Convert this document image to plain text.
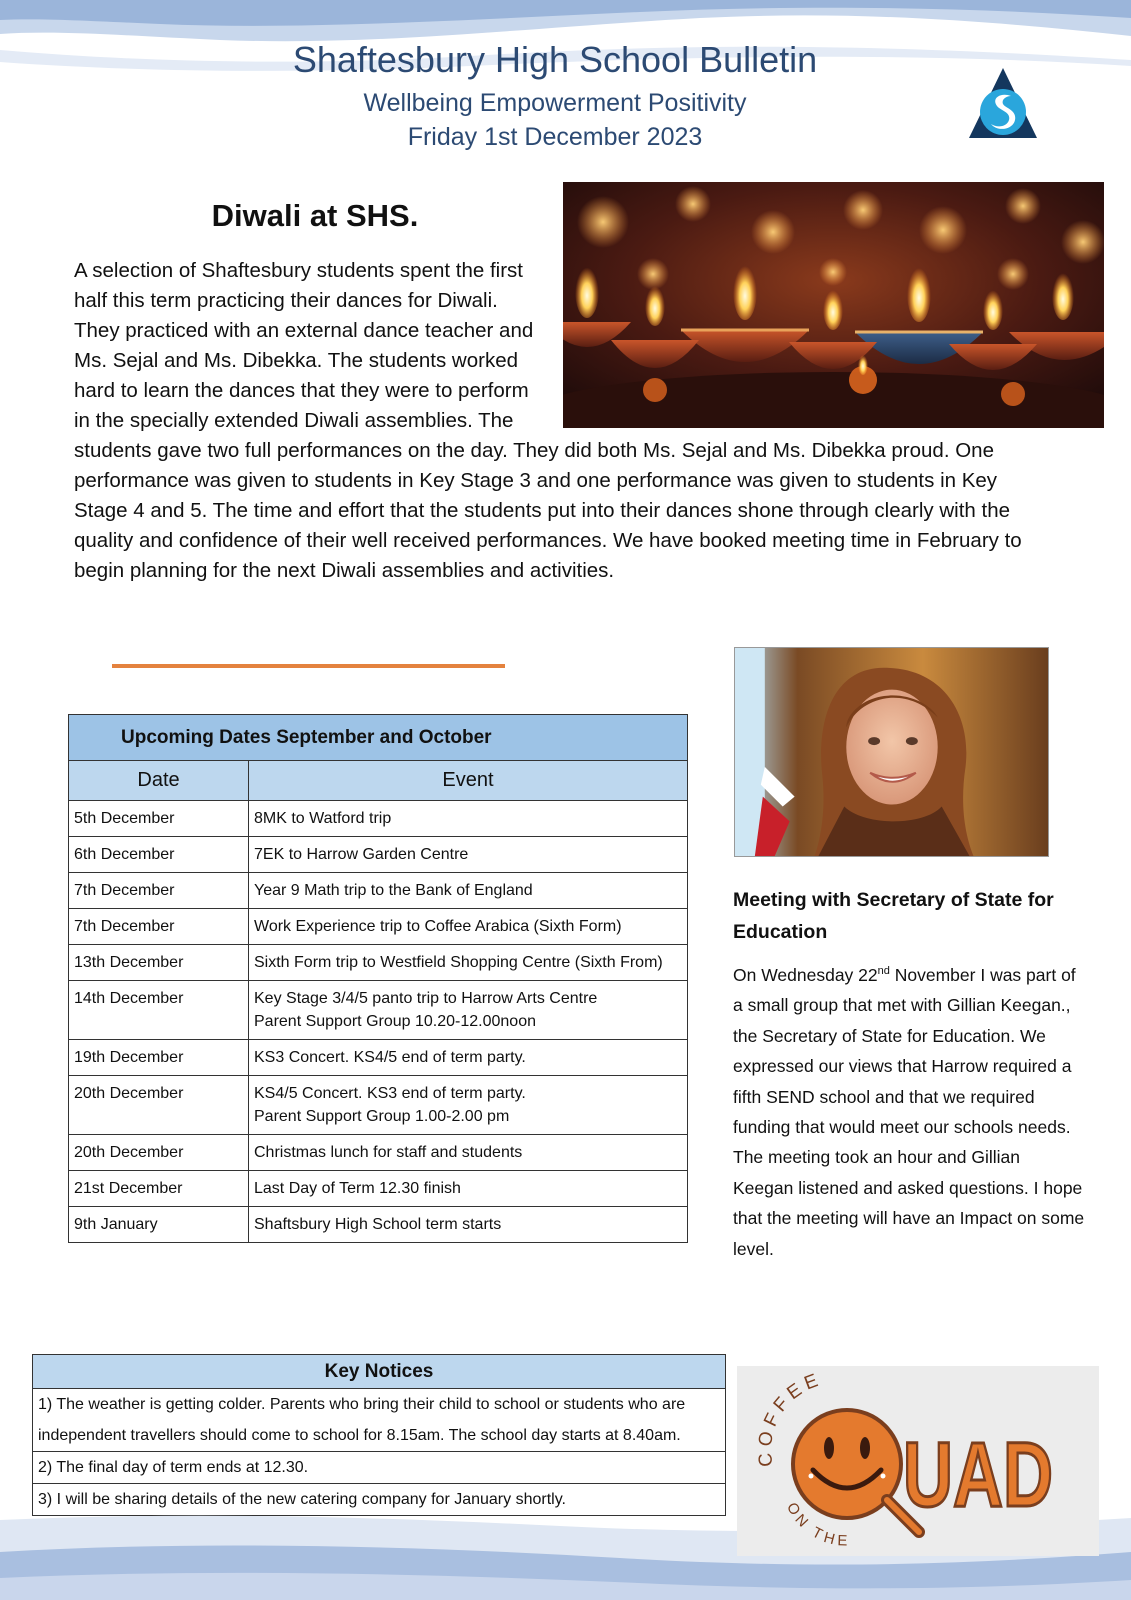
Shaftesbury High School Bulletin
Wellbeing Empowerment Positivity
Friday 1st December 2023
Diwali at SHS.
A selection of Shaftesbury students spent the first half this term practicing their dances for Diwali. They practiced with an external dance teacher and Ms. Sejal and Ms. Dibekka. The students worked hard to learn the dances that they were to perform in the specially extended Diwali assemblies. The students gave two full performances on the day. They did both Ms. Sejal and Ms. Dibekka proud. One performance was given to students in Key Stage 3 and one performance was given to students in Key Stage 4 and 5. The time and effort that the students put into their dances shone through clearly with the quality and confidence of their well received performances. We have booked meeting time in February to begin planning for the next Diwali assemblies and activities.
Upcoming Dates September and October	
Date	Event
5th December	8MK to Watford trip

6th December	7EK to Harrow Garden Centre

7th December	Year 9 Math trip to the Bank of England

7th December	Work Experience trip to Coffee Arabica (Sixth Form)

13th December	Sixth Form trip to Westfield Shopping Centre (Sixth From)

14th December	Key Stage 3/4/5 panto trip to Harrow Arts Centre
Parent Support Group 10.20-12.00noon

19th December	KS3 Concert. KS4/5 end of term party.

20th December	KS4/5 Concert. KS3 end of term party.
Parent Support Group 1.00-2.00 pm

20th December	Christmas lunch for staff and students

21st December	Last Day of Term 12.30 finish

9th January	Shaftsbury High School term starts
Meeting with Secretary of State for Education
On Wednesday 22nd November I was part of a small group that met with Gillian Keegan., the Secretary of State for Education. We expressed our views that Harrow required a fifth SEND school and that we required funding that would meet our schools needs. The meeting took an hour and Gillian Keegan listened and asked questions. I hope that the meeting will have an Impact on some level.
Key Notices
1) The weather is getting colder. Parents who bring their child to school or students who are independent travellers should come to school for 8.15am. The school day starts at 8.40am.
2) The final day of term ends at 12.30.
3) I will be sharing details of the new catering company for January shortly.
COFFEE
ON THE
UAD
